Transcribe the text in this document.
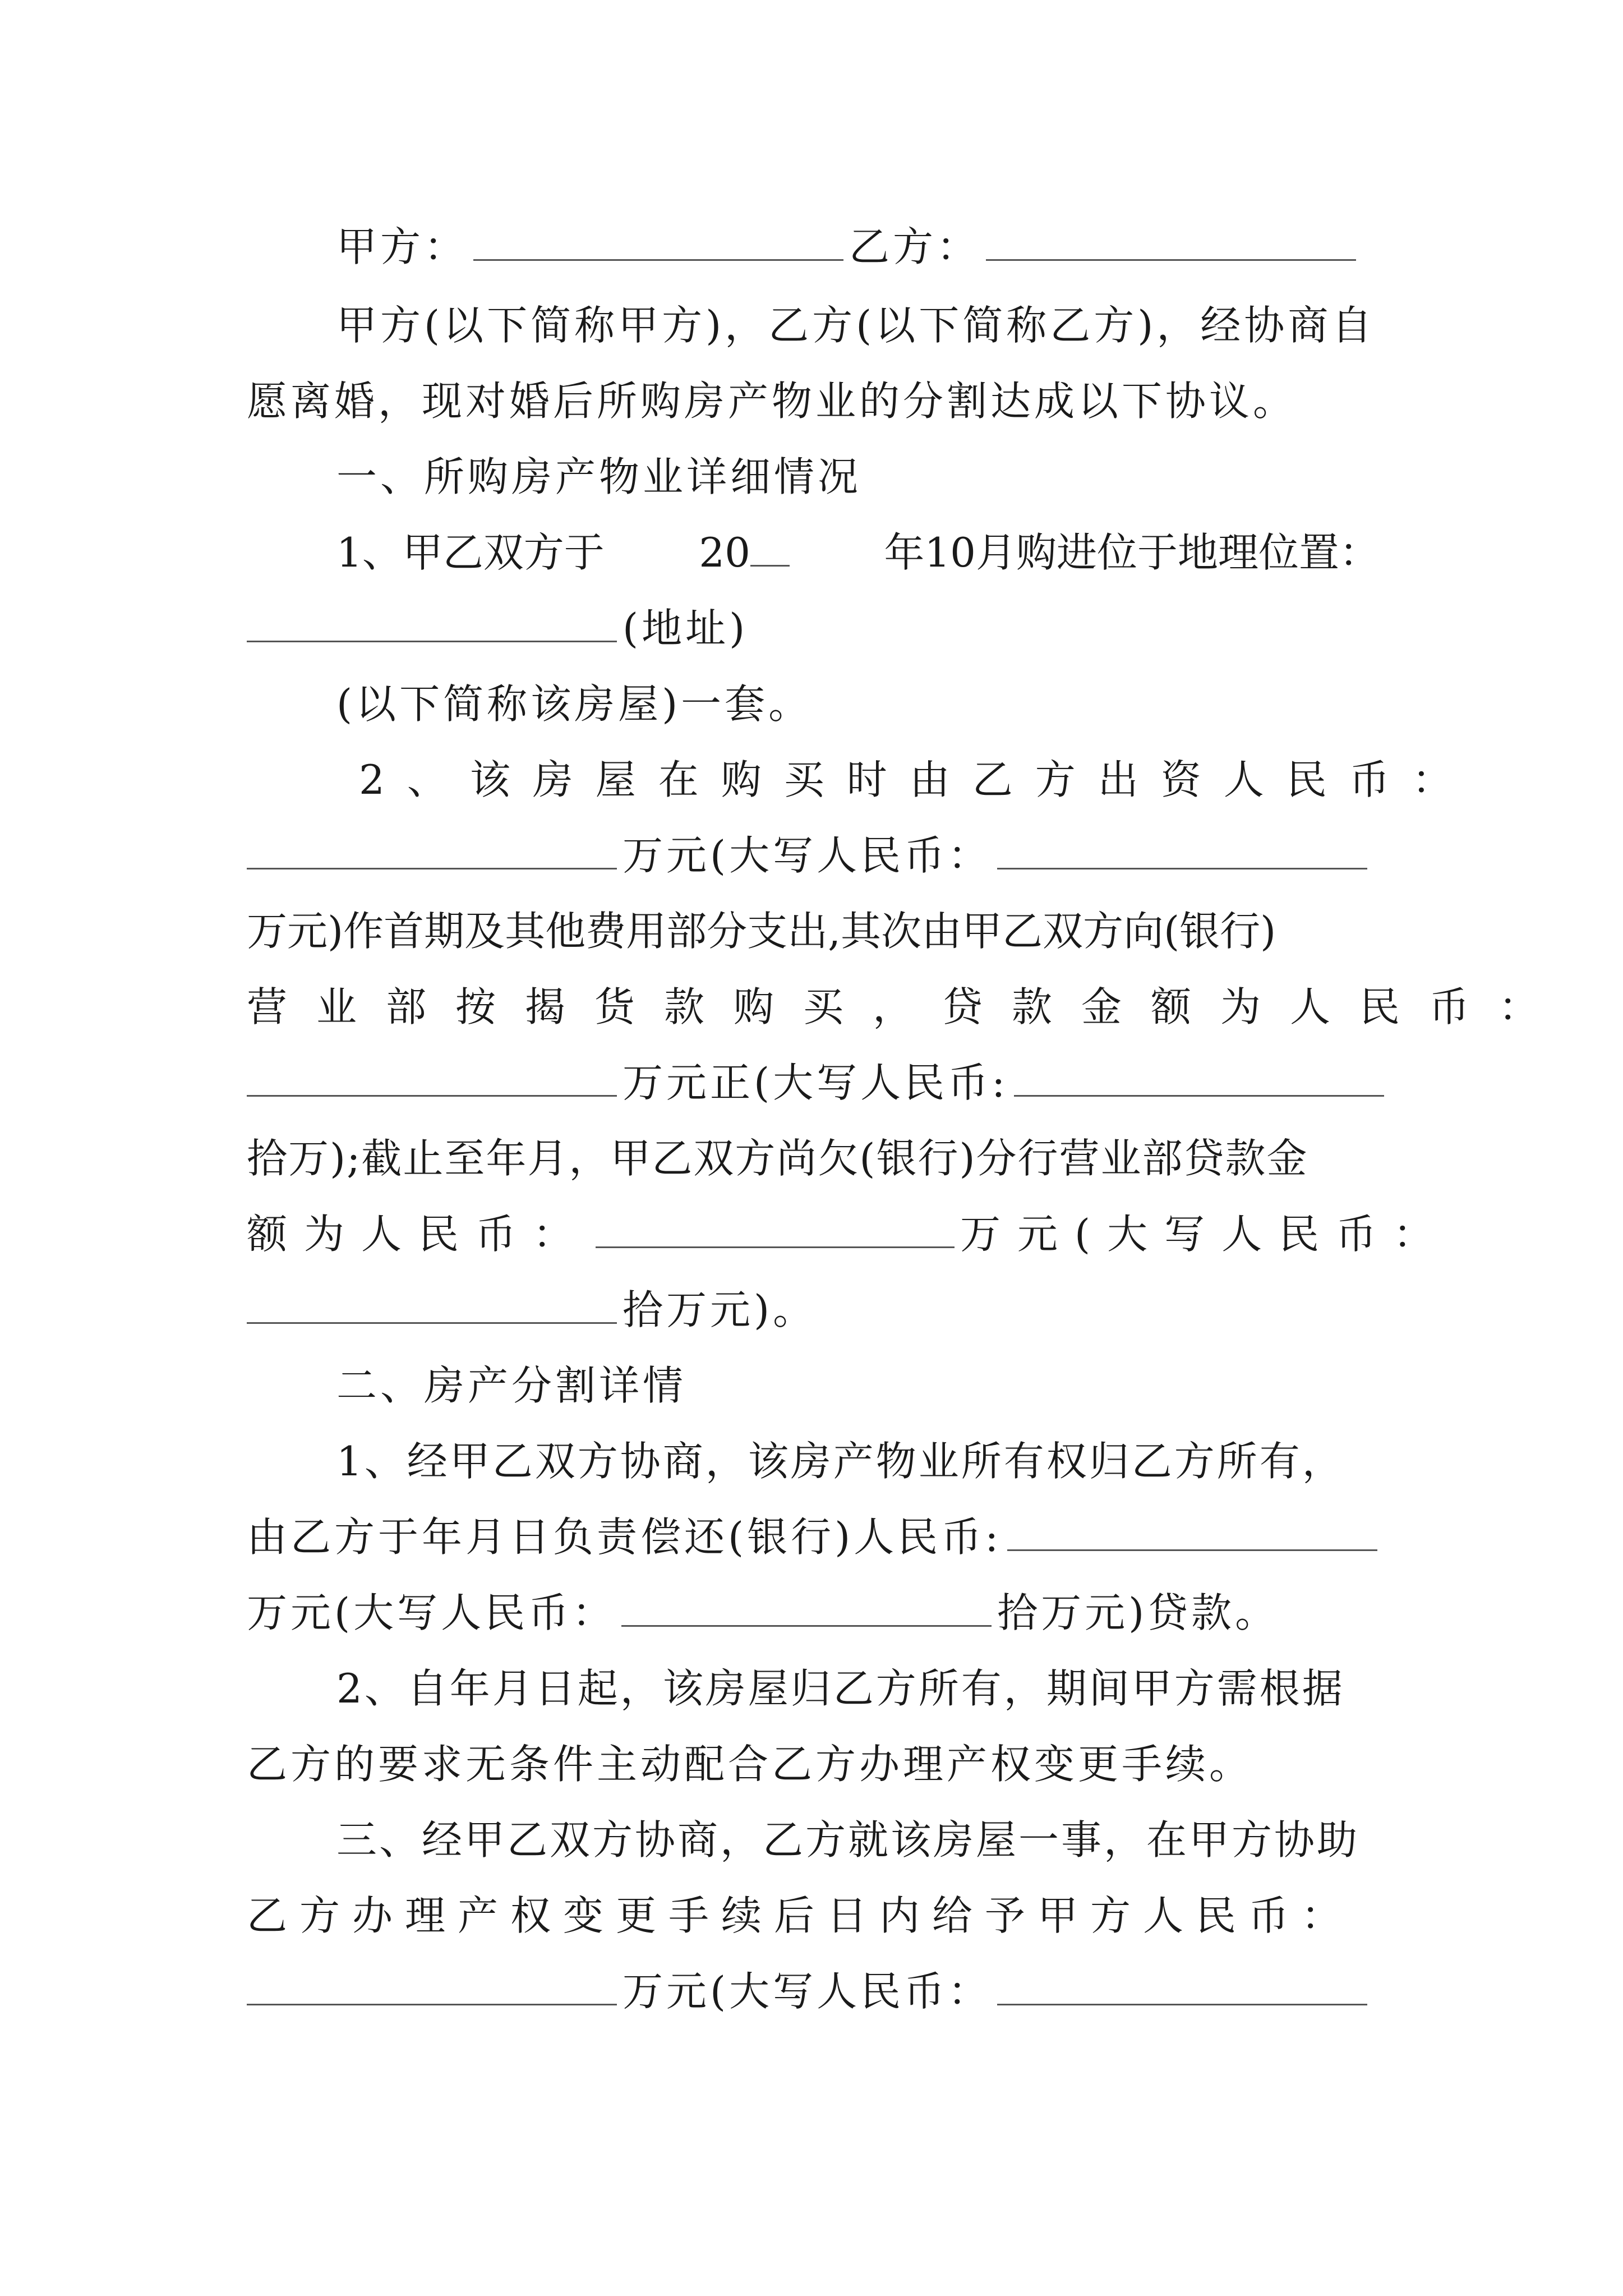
甲方：	乙方：
甲方(以下简称甲方)，乙方(以下简称乙方)，经协商自
愿离婚，现对婚后所购房产物业的分割达成以下协议。
一、所购房产物业详细情况
1、甲乙双方于 20	年10月购进位于地理位置：
(地址)
(以下简称该房屋)一套。
2、该房屋在购买时由乙方出资人民币：
万元(大写人民币：
万元)作首期及其他费用部分支出,其次由甲乙双方向(银行)
营业部按揭货款购买，贷款金额为人民币：
万元正(大写人民币:
拾万);截止至年月，甲乙双方尚欠(银行)分行营业部贷款金
额为人民币：	万元(大写人民币：
拾万元)。
二、房产分割详情
1、经甲乙双方协商，该房产物业所有权归乙方所有，
由乙方于年月日负责偿还(银行)人民币:
万元(大写人民币：	拾万元)贷款。
2、自年月日起，该房屋归乙方所有，期间甲方需根据
乙方的要求无条件主动配合乙方办理产权变更手续。
三、经甲乙双方协商，乙方就该房屋一事，在甲方协助
乙方办理产权变更手续后日内给予甲方人民币：
万元(大写人民币：
